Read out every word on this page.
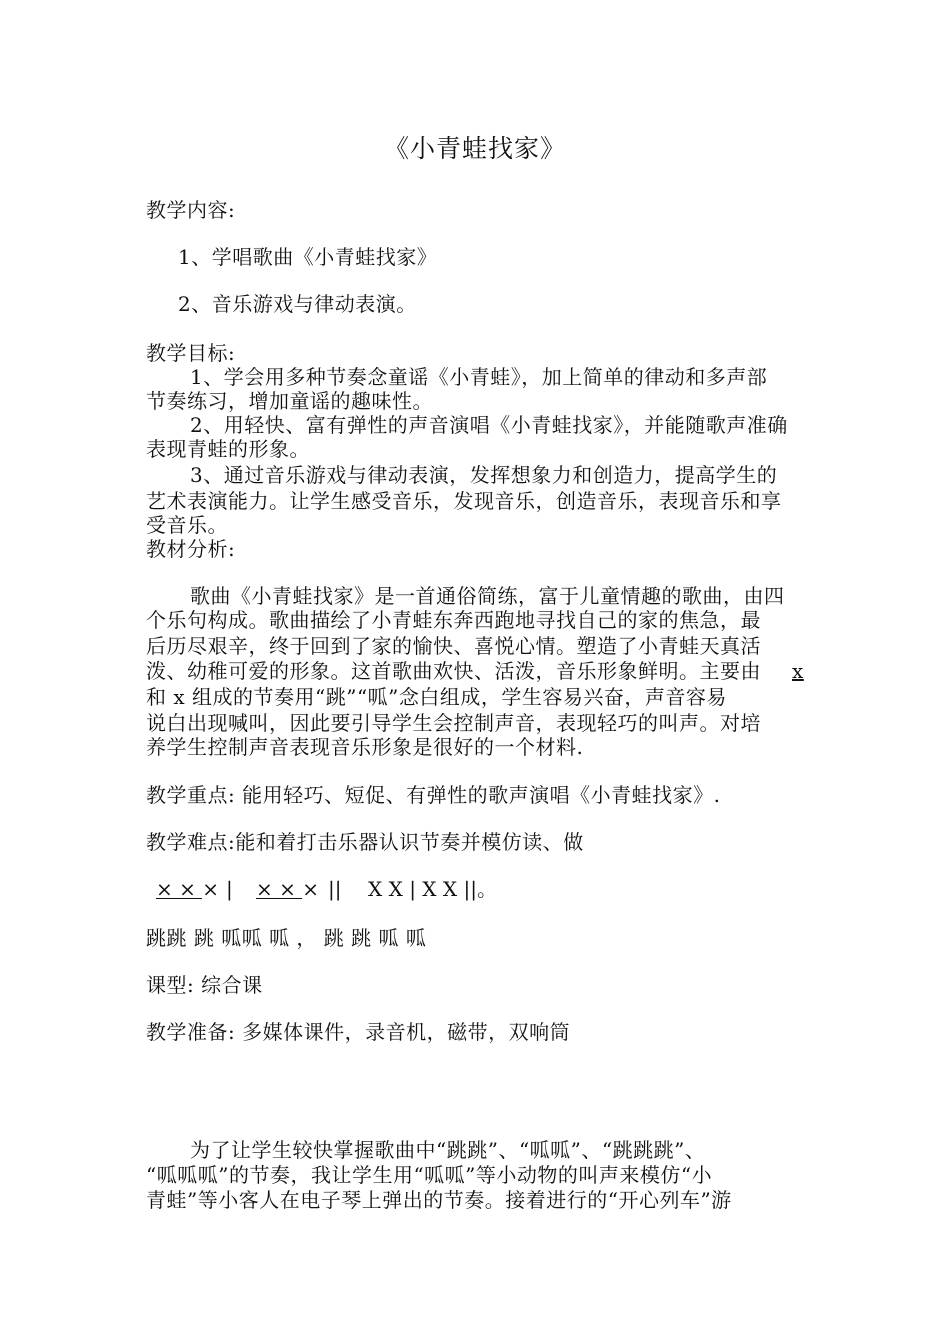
《小青蛙找家》

教学内容:

1、学唱歌曲《小青蛙找家》

2、音乐游戏与律动表演。

教学目标:

1、学会用多种节奏念童谣《小青蛙》，加上简单的律动和多声部

节奏练习，增加童谣的趣味性。

2、用轻快、富有弹性的声音演唱《小青蛙找家》，并能随歌声准确

表现青蛙的形象。

3、通过音乐游戏与律动表演，发挥想象力和创造力，提高学生的

艺术表演能力。让学生感受音乐，发现音乐，创造音乐，表现音乐和享

受音乐。

教材分析:

歌曲《小青蛙找家》是一首通俗简练，富于儿童情趣的歌曲，由四

个乐句构成。歌曲描绘了小青蛙东奔西跑地寻找自己的家的焦急，最

后历尽艰辛，终于回到了家的愉快、喜悦心情。塑造了小青蛙天真活

泼、幼稚可爱的形象。这首歌曲欢快、活泼，音乐形象鲜明。主要由 x

和 x 组成的节奏用“跳”“呱”念白组成，学生容易兴奋，声音容易

说白出现喊叫，因此要引导学生会控制声音，表现轻巧的叫声。对培

养学生控制声音表现音乐形象是很好的一个材料.

教学重点: 能用轻巧、短促、有弹性的歌声演唱《小青蛙找家》.

教学难点:能和着打击乐器认识节奏并模仿读、做

× × × | × × × || X X | X X ||。

跳跳 跳 呱呱 呱 ， 跳 跳 呱 呱

课型: 综合课

教学准备: 多媒体课件，录音机，磁带，双响筒

为了让学生较快掌握歌曲中“跳跳”、“呱呱”、“跳跳跳”、

“呱呱呱”的节奏，我让学生用“呱呱”等小动物的叫声来模仿“小

青蛙”等小客人在电子琴上弹出的节奏。接着进行的“开心列车”游
